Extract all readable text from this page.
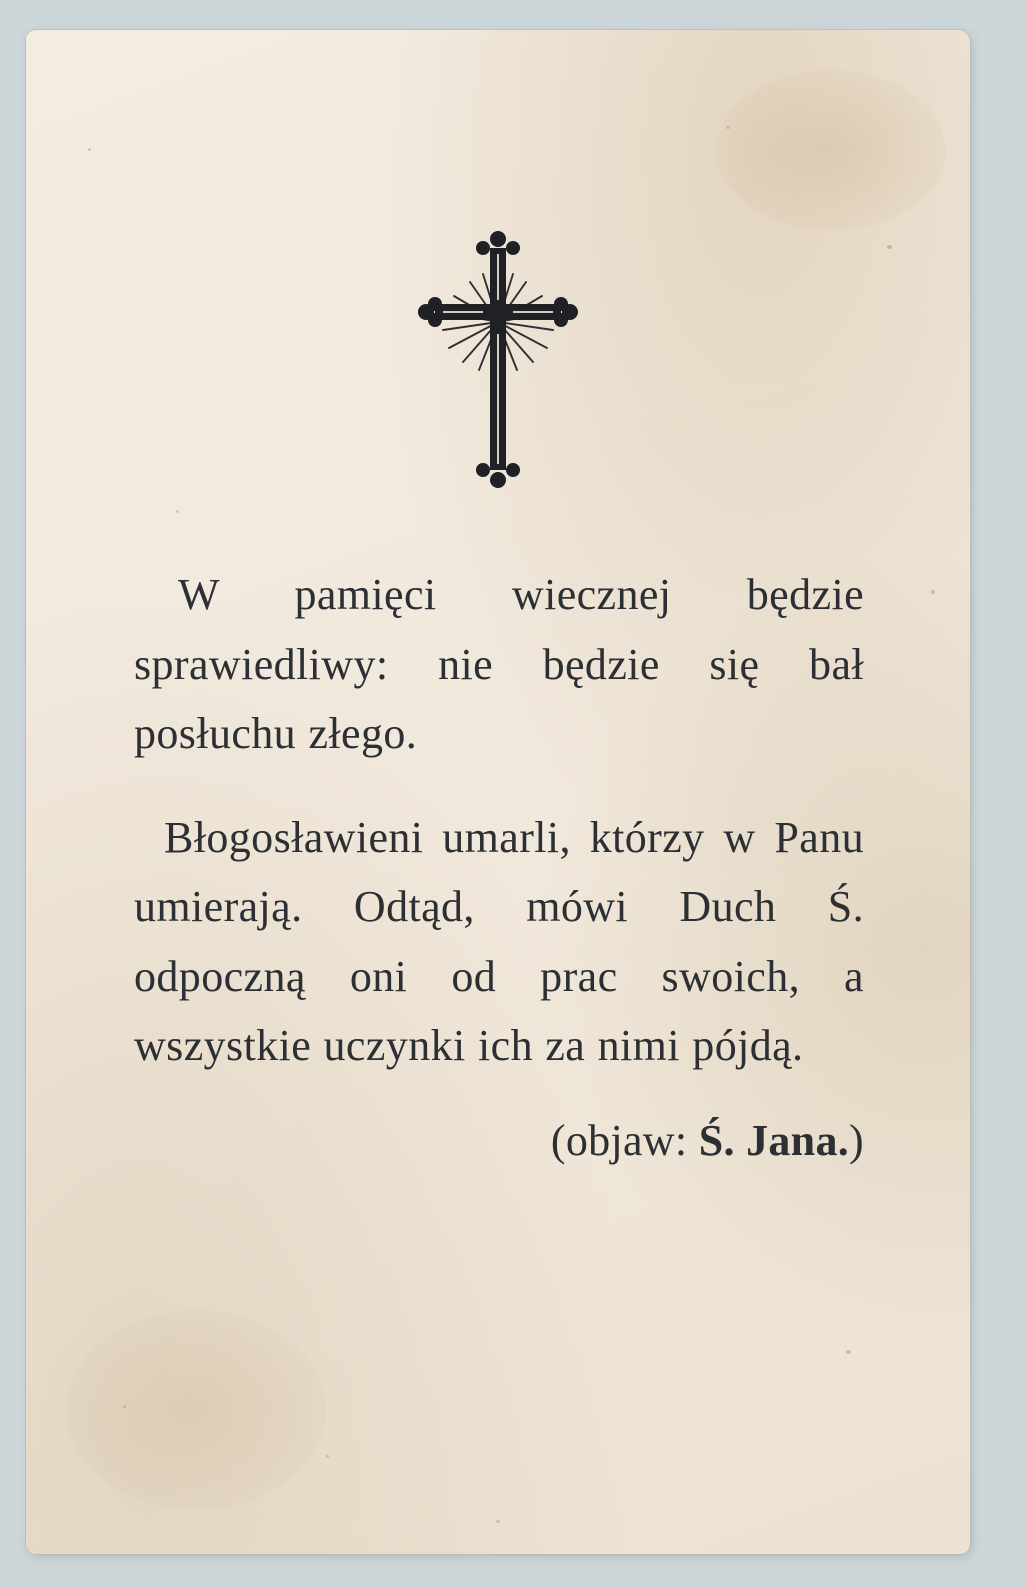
W pamięci wiecznej będzie sprawiedliwy: nie będzie się bał posłuchu złego.

Błogosławieni umarli, którzy w Panu umierają. Odtąd, mówi Duch Ś. odpoczną oni od prac swoich, a wszystkie uczynki ich za nimi pójdą.

(objaw: Ś. Jana.)
